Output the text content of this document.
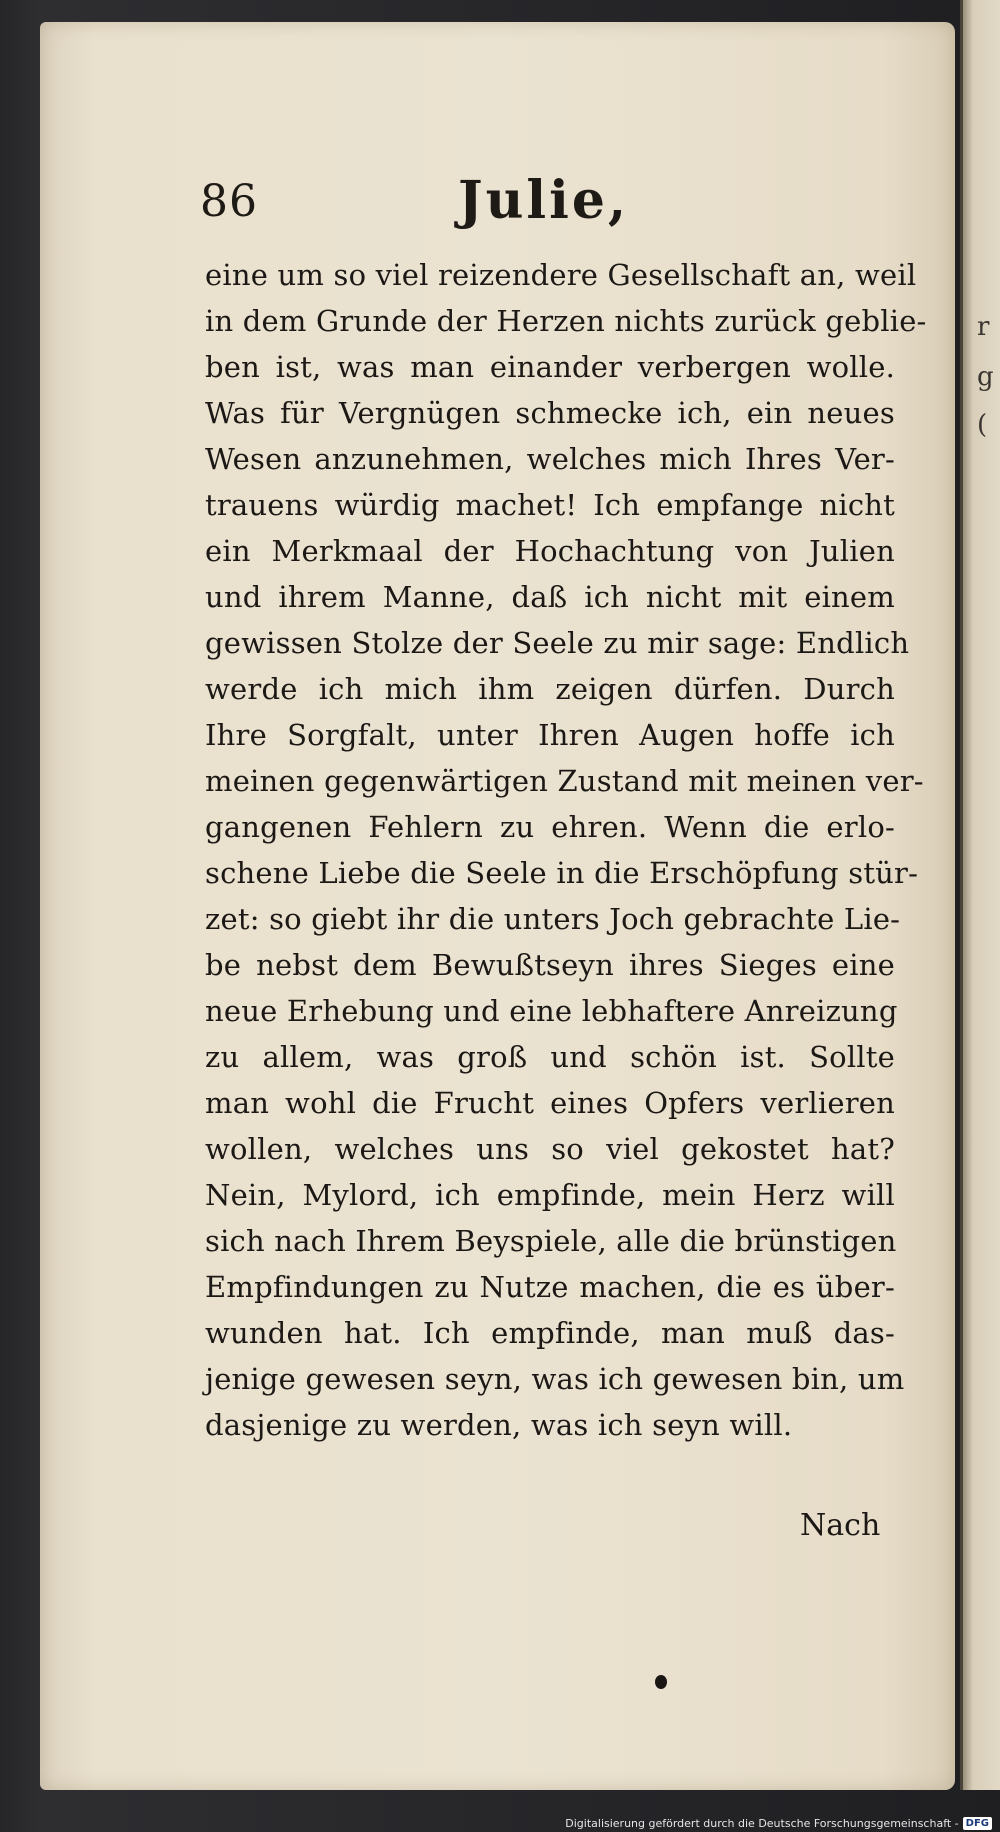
r
g
(
86	Julie,
eine um so viel reizendere Gesellschaft an, weil
in dem Grunde der Herzen nichts zurück geblie-
ben ist, was man einander verbergen wolle.
Was für Vergnügen schmecke ich, ein neues
Wesen anzunehmen, welches mich Ihres Ver-
trauens würdig machet! Ich empfange nicht
ein Merkmaal der Hochachtung von Julien
und ihrem Manne, daß ich nicht mit einem
gewissen Stolze der Seele zu mir sage: Endlich
werde ich mich ihm zeigen dürfen. Durch
Ihre Sorgfalt, unter Ihren Augen hoffe ich
meinen gegenwärtigen Zustand mit meinen ver-
gangenen Fehlern zu ehren. Wenn die erlo-
schene Liebe die Seele in die Erschöpfung stür-
zet: so giebt ihr die unters Joch gebrachte Lie-
be nebst dem Bewußtseyn ihres Sieges eine
neue Erhebung und eine lebhaftere Anreizung
zu allem, was groß und schön ist. Sollte
man wohl die Frucht eines Opfers verlieren
wollen, welches uns so viel gekostet hat?
Nein, Mylord, ich empfinde, mein Herz will
sich nach Ihrem Beyspiele, alle die brünstigen
Empfindungen zu Nutze machen, die es über-
wunden hat. Ich empfinde, man muß das-
jenige gewesen seyn, was ich gewesen bin, um
dasjenige zu werden, was ich seyn will.
Nach
Digitalisierung gefördert durch die Deutsche Forschungsgemeinschaft - DFG
